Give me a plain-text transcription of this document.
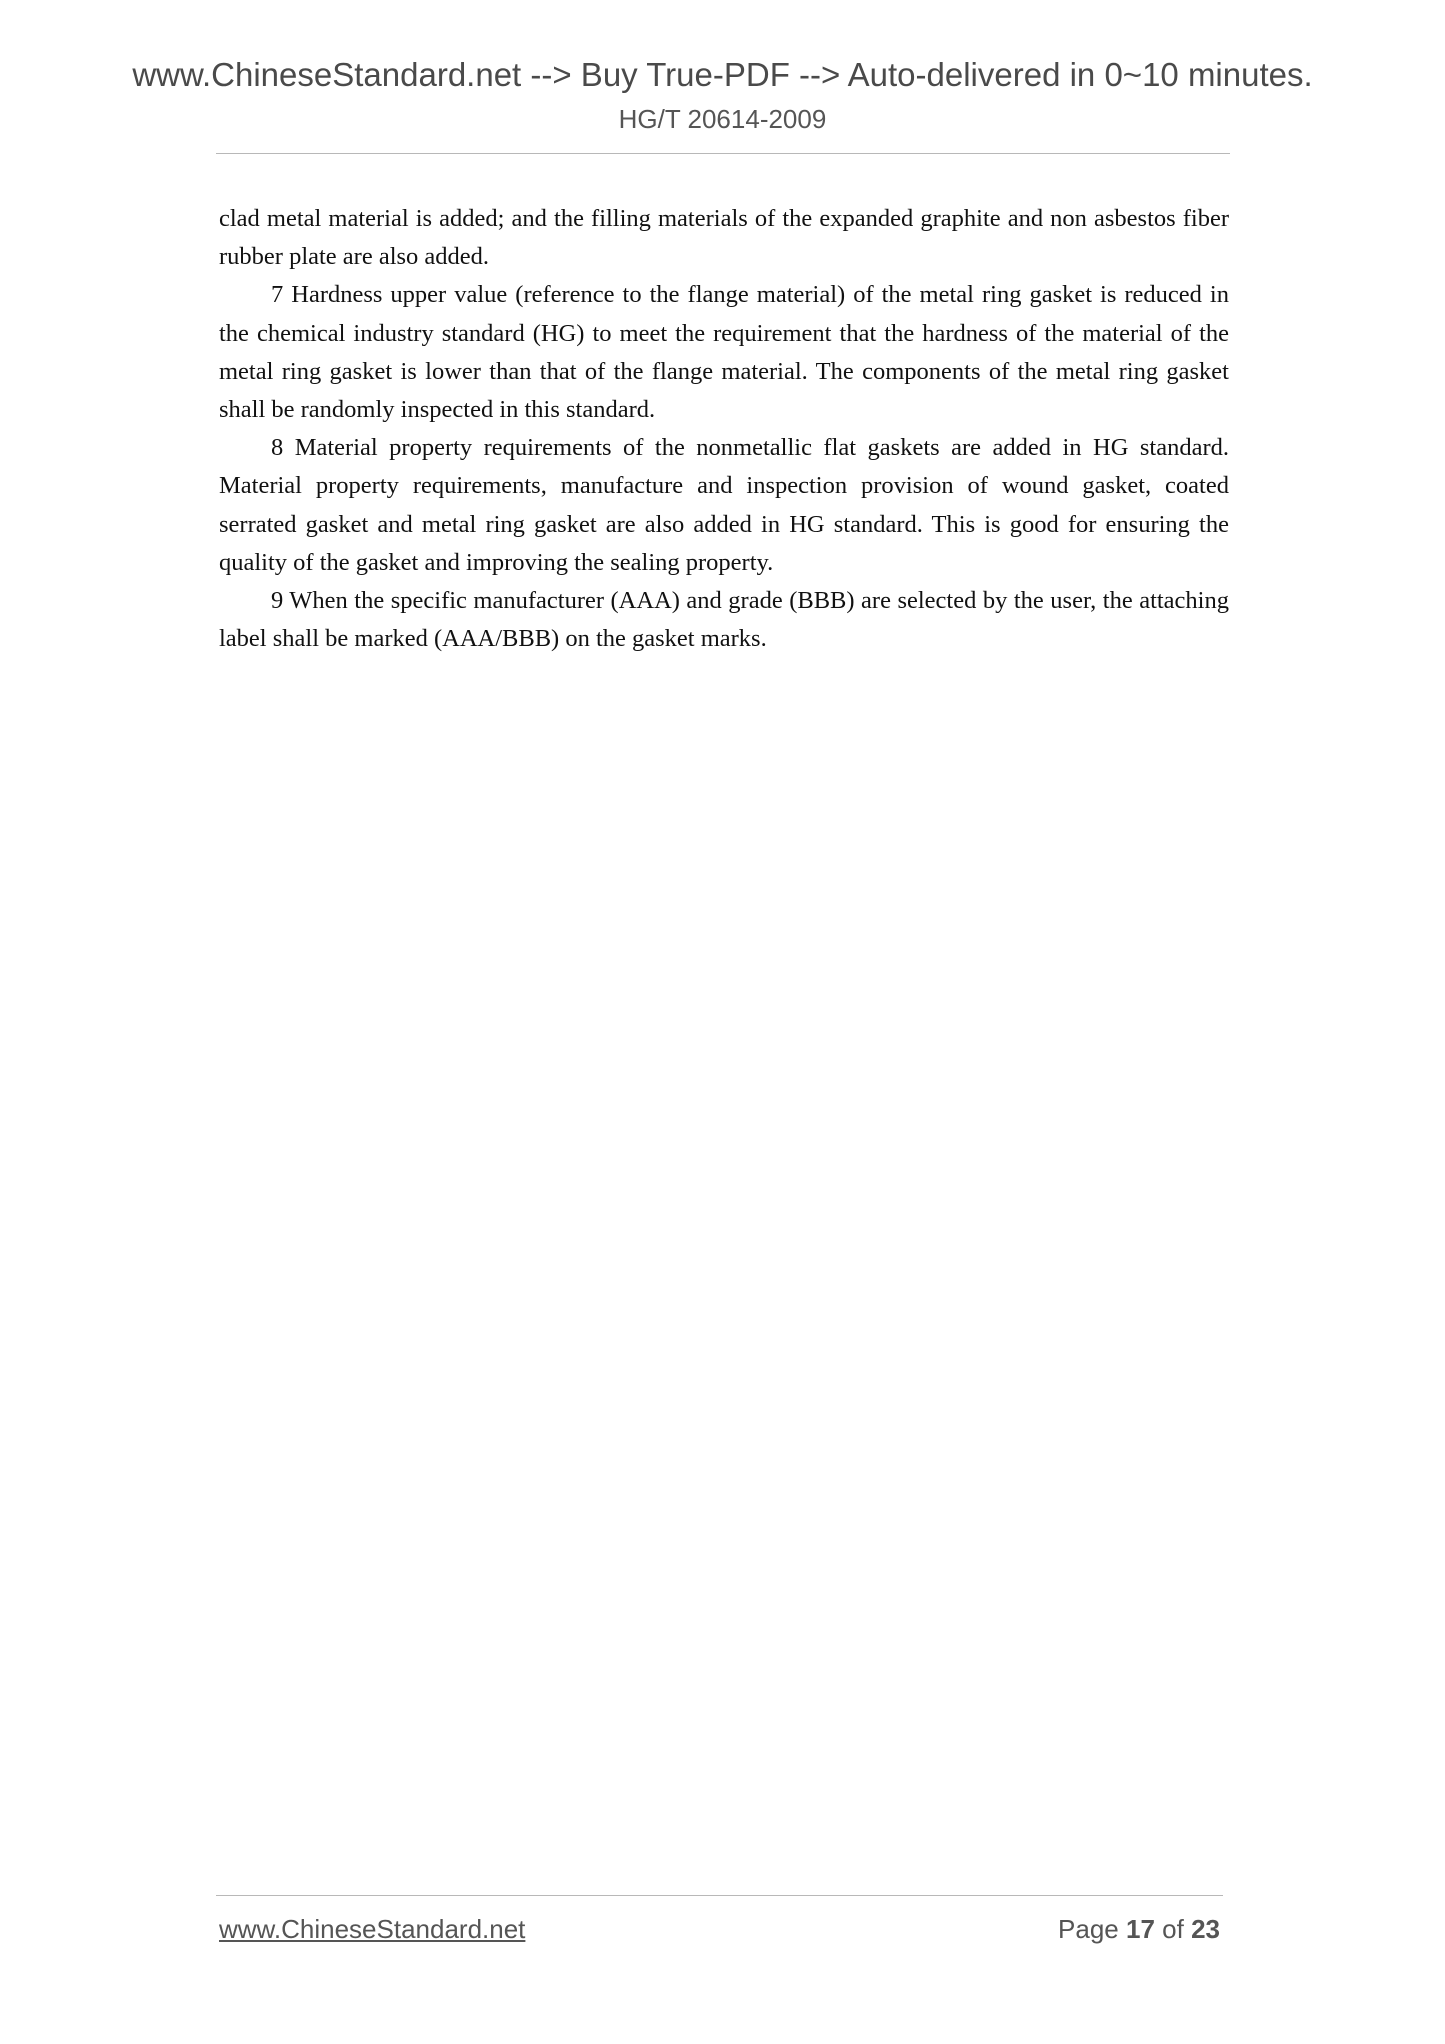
www.ChineseStandard.net --> Buy True-PDF --> Auto-delivered in 0~10 minutes.
HG/T 20614-2009

clad metal material is added; and the filling materials of the expanded graphite and non asbestos fiber rubber plate are also added.

7 Hardness upper value (reference to the flange material) of the metal ring gasket is reduced in the chemical industry standard (HG) to meet the requirement that the hardness of the material of the metal ring gasket is lower than that of the flange material. The components of the metal ring gasket shall be randomly inspected in this standard.

8 Material property requirements of the nonmetallic flat gaskets are added in HG standard. Material property requirements, manufacture and inspection provision of wound gasket, coated serrated gasket and metal ring gasket are also added in HG standard. This is good for ensuring the quality of the gasket and improving the sealing property.

9 When the specific manufacturer (AAA) and grade (BBB) are selected by the user, the attaching label shall be marked (AAA/BBB) on the gasket marks.

www.ChineseStandard.net	Page 17 of 23
